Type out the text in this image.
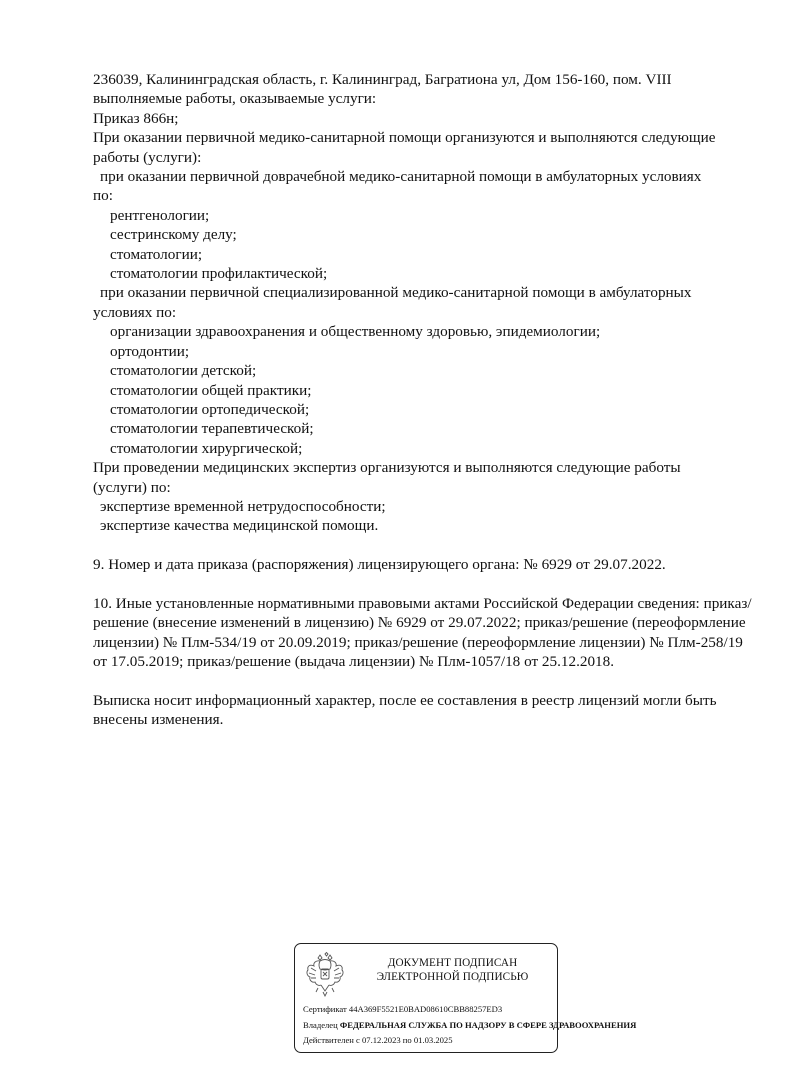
236039, Калининградская область, г. Калининград, Багратиона ул, Дом 156-160, пом. VIII
выполняемые работы, оказываемые услуги:
Приказ 866н;
При оказании первичной медико-санитарной помощи организуются и выполняются следующие
работы (услуги):
при оказании первичной доврачебной медико-санитарной помощи в амбулаторных условиях
по:
рентгенологии;
сестринскому делу;
стоматологии;
стоматологии профилактической;
при оказании первичной специализированной медико-санитарной помощи в амбулаторных
условиях по:
организации здравоохранения и общественному здоровью, эпидемиологии;
ортодонтии;
стоматологии детской;
стоматологии общей практики;
стоматологии ортопедической;
стоматологии терапевтической;
стоматологии хирургической;
При проведении медицинских экспертиз организуются и выполняются следующие работы
(услуги) по:
экспертизе временной нетрудоспособности;
экспертизе качества медицинской помощи.
9. Номер и дата приказа (распоряжения) лицензирующего органа: № 6929 от 29.07.2022.
10. Иные установленные нормативными правовыми актами Российской Федерации сведения: приказ/решение (внесение изменений в лицензию) № 6929 от 29.07.2022; приказ/решение (переоформление лицензии) № Плм-534/19 от 20.09.2019; приказ/решение (переоформление лицензии) № Плм-258/19 от 17.05.2019; приказ/решение (выдача лицензии) № Плм-1057/18 от 25.12.2018.
Выписка носит информационный характер, после ее составления в реестр лицензий могли быть внесены изменения.
ДОКУМЕНТ ПОДПИСАН
ЭЛЕКТРОННОЙ ПОДПИСЬЮ
Сертификат 44A369F5521E0BAD08610CBB88257ED3
Владелец ФЕДЕРАЛЬНАЯ СЛУЖБА ПО НАДЗОРУ В СФЕРЕ ЗДРАВООХРАНЕНИЯ
Действителен с 07.12.2023 по 01.03.2025
